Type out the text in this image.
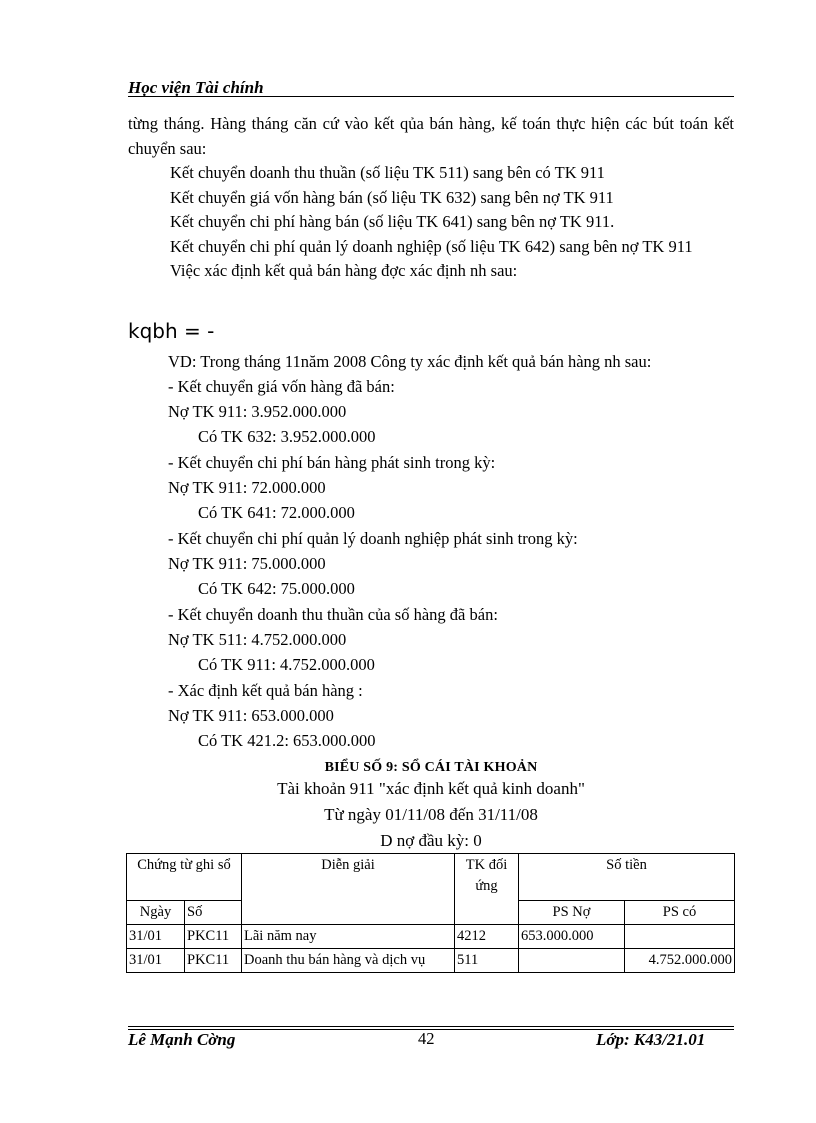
Học viện Tài chính

từng tháng. Hàng tháng căn cứ vào kết qủa bán hàng, kế toán thực hiện các bút toán kết chuyển sau:

Kết chuyển doanh thu thuần (số liệu TK 511) sang bên có TK 911

Kết chuyển giá vốn hàng bán (số liệu TK 632) sang bên nợ TK 911

Kết chuyển chi phí hàng bán (số liệu TK 641) sang bên nợ TK 911.

Kết chuyển chi phí quản lý doanh nghiệp (số liệu TK 642) sang bên nợ TK 911

Việc xác định kết quả bán hàng đợc xác định nh sau:

kqbh = -
VD: Trong tháng 11năm 2008 Công ty xác định kết quả bán hàng nh sau:
- Kết chuyển giá vốn hàng đã bán:
Nợ TK 911: 3.952.000.000
Có TK 632: 3.952.000.000
- Kết chuyển chi phí bán hàng phát sinh trong kỳ:
Nợ TK 911: 72.000.000
Có TK 641: 72.000.000
- Kết chuyển chi phí quản lý doanh nghiệp phát sinh trong kỳ:
Nợ TK 911: 75.000.000
Có TK 642: 75.000.000
- Kết chuyển doanh thu thuần của số hàng đã bán:
Nợ TK 511: 4.752.000.000
Có TK 911: 4.752.000.000
- Xác định kết quả bán hàng :
Nợ TK 911: 653.000.000
Có TK 421.2: 653.000.000
BIỂU SỐ 9: SỔ CÁI TÀI KHOẢN
Tài khoản 911 "xác định kết quả kinh doanh"
Từ ngày 01/11/08 đến 31/11/08
D nợ đầu kỳ: 0
Chứng từ ghi sổ		Diễn giải	TK đối ứng	Số tiền	
Ngày	Số			PS Nợ	PS có
31/01	PKC11	Lãi năm nay	4212	653.000.000	
31/01	PKC11	Doanh thu bán hàng và dịch vụ	511		4.752.000.000
Lê Mạnh Cờng	42	Lớp: K43/21.01
